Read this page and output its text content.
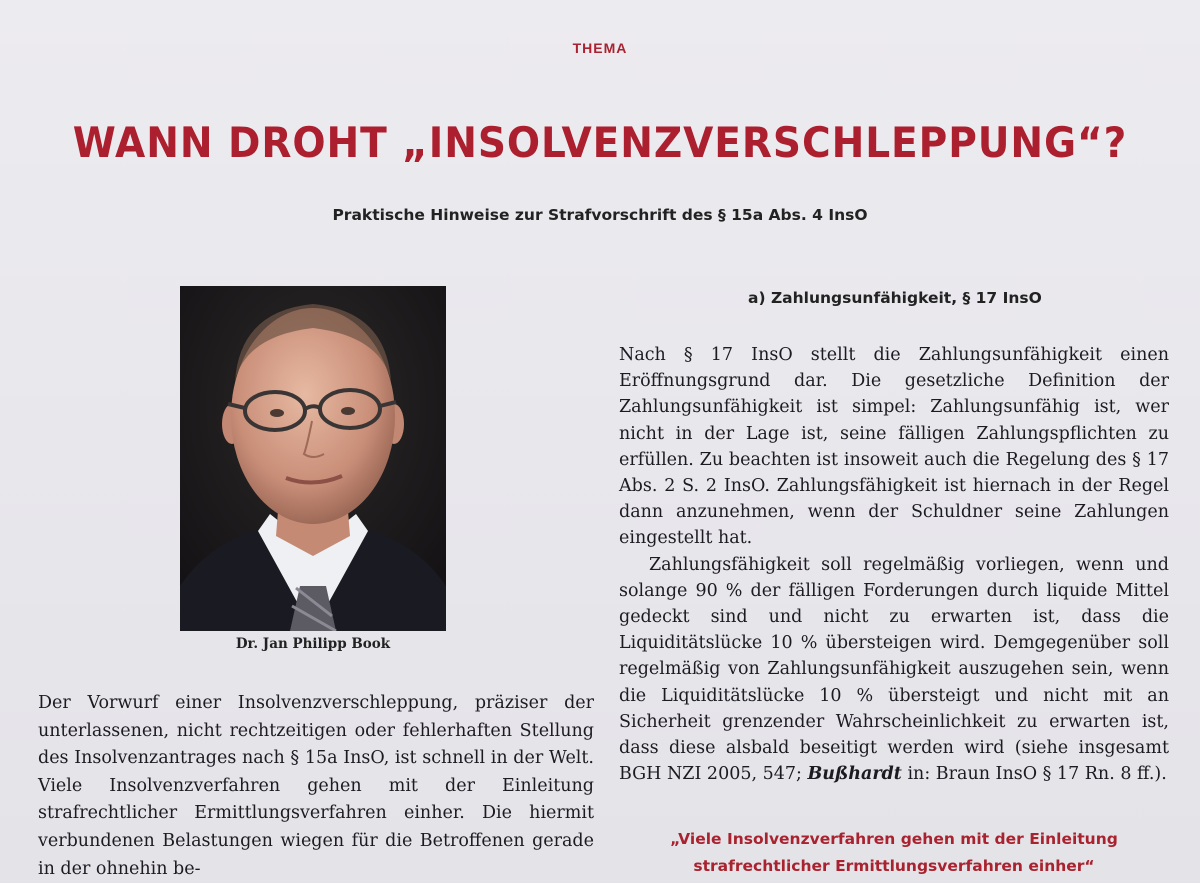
THEMA
WANN DROHT „INSOLVENZVERSCHLEPPUNG“?
Praktische Hinweise zur Strafvorschrift des § 15a Abs. 4 InsO
Dr. Jan Philipp Book

Der Vorwurf einer Insolvenzverschleppung, präziser der unterlassenen, nicht rechtzeitigen oder fehlerhaften Stellung des Insolvenzantrages nach § 15a InsO, ist schnell in der Welt. Viele Insolvenzverfahren gehen mit der Einleitung strafrechtlicher Ermittlungsverfahren einher. Die hiermit verbundenen Belastungen wiegen für die Betroffenen gerade in der ohnehin be-

a) Zahlungsunfähigkeit, § 17 InsO

Nach § 17 InsO stellt die Zahlungsunfähigkeit einen Eröffnungsgrund dar. Die gesetzliche Definition der Zahlungsunfähigkeit ist simpel: Zahlungsunfähig ist, wer nicht in der Lage ist, seine fälligen Zahlungspflichten zu erfüllen. Zu beachten ist insoweit auch die Regelung des § 17 Abs. 2 S. 2 InsO. Zahlungsfähigkeit ist hiernach in der Regel dann anzunehmen, wenn der Schuldner seine Zahlungen eingestellt hat.

Zahlungsfähigkeit soll regelmäßig vorliegen, wenn und solange 90 % der fälligen Forderungen durch liquide Mittel gedeckt sind und nicht zu erwarten ist, dass die Liquiditätslücke 10 % übersteigen wird. Demgegenüber soll regelmäßig von Zahlungsunfähigkeit auszugehen sein, wenn die Liquiditätslücke 10 % übersteigt und nicht mit an Sicherheit grenzender Wahrscheinlichkeit zu erwarten ist, dass diese alsbald beseitigt werden wird (siehe insgesamt BGH NZI 2005, 547; Bußhardt in: Braun InsO § 17 Rn. 8 ff.).

„Viele Insolvenzverfahren gehen mit der Einleitung
strafrechtlicher Ermittlungsverfahren einher“
